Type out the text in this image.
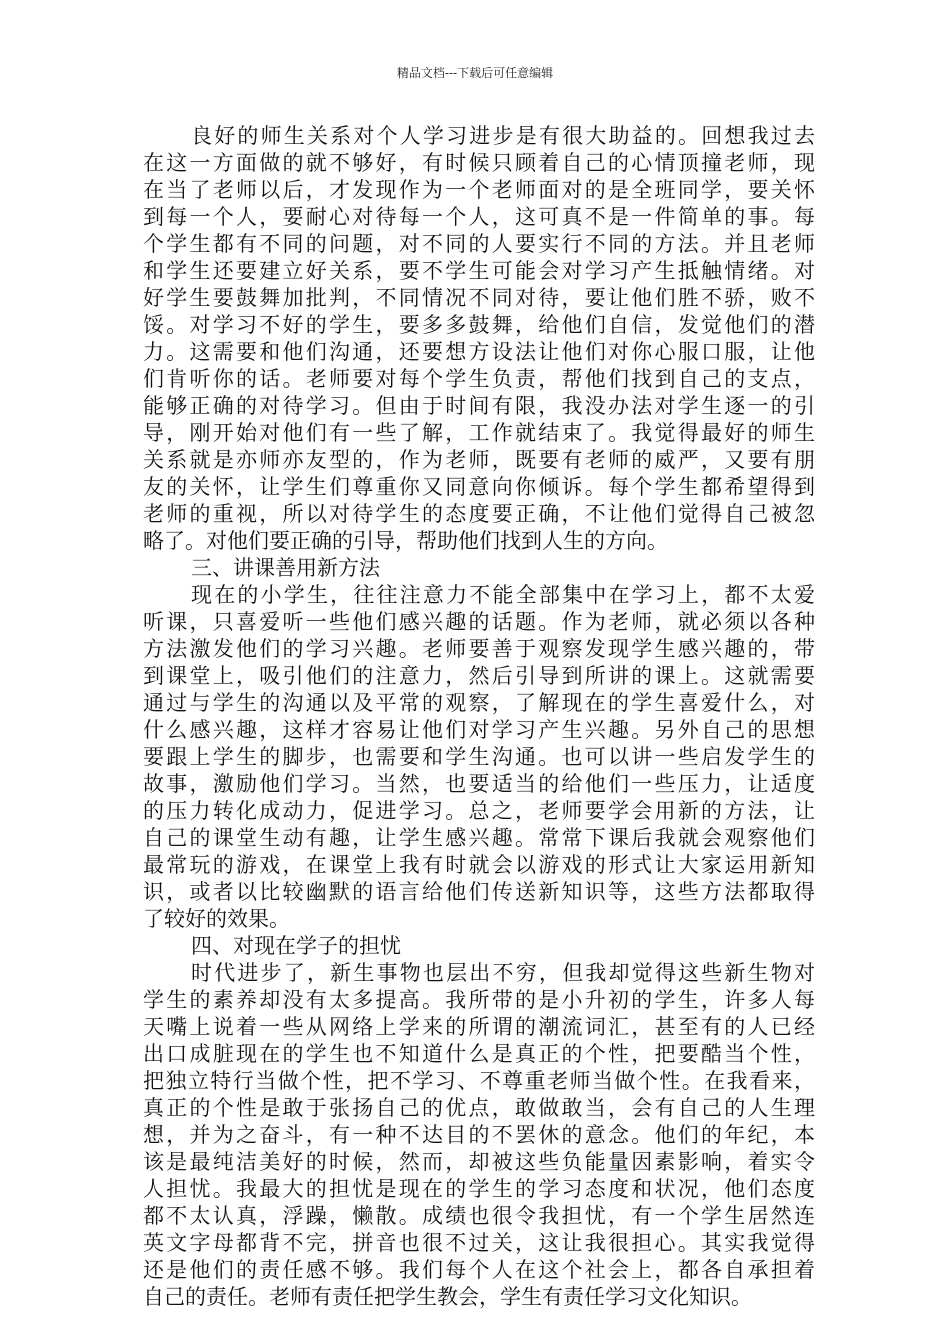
精品文档---下载后可任意编辑
良好的师生关系对个人学习进步是有很大助益的。回想我过去
在这一方面做的就不够好，有时候只顾着自己的心情顶撞老师，现
在当了老师以后，才发现作为一个老师面对的是全班同学，要关怀
到每一个人，要耐心对待每一个人，这可真不是一件简单的事。每
个学生都有不同的问题，对不同的人要实行不同的方法。并且老师
和学生还要建立好关系，要不学生可能会对学习产生抵触情绪。对
好学生要鼓舞加批判，不同情况不同对待，要让他们胜不骄，败不
馁。对学习不好的学生，要多多鼓舞，给他们自信，发觉他们的潜
力。这需要和他们沟通，还要想方设法让他们对你心服口服，让他
们肯听你的话。老师要对每个学生负责，帮他们找到自己的支点，
能够正确的对待学习。但由于时间有限，我没办法对学生逐一的引
导，刚开始对他们有一些了解，工作就结束了。我觉得最好的师生
关系就是亦师亦友型的，作为老师，既要有老师的威严，又要有朋
友的关怀，让学生们尊重你又同意向你倾诉。每个学生都希望得到
老师的重视，所以对待学生的态度要正确，不让他们觉得自己被忽
略了。对他们要正确的引导，帮助他们找到人生的方向。
三、讲课善用新方法
现在的小学生，往往注意力不能全部集中在学习上，都不太爱
听课，只喜爱听一些他们感兴趣的话题。作为老师，就必须以各种
方法激发他们的学习兴趣。老师要善于观察发现学生感兴趣的，带
到课堂上，吸引他们的注意力，然后引导到所讲的课上。这就需要
通过与学生的沟通以及平常的观察，了解现在的学生喜爱什么，对
什么感兴趣，这样才容易让他们对学习产生兴趣。另外自己的思想
要跟上学生的脚步，也需要和学生沟通。也可以讲一些启发学生的
故事，激励他们学习。当然，也要适当的给他们一些压力，让适度
的压力转化成动力，促进学习。总之，老师要学会用新的方法，让
自己的课堂生动有趣，让学生感兴趣。常常下课后我就会观察他们
最常玩的游戏，在课堂上我有时就会以游戏的形式让大家运用新知
识，或者以比较幽默的语言给他们传送新知识等，这些方法都取得
了较好的效果。
四、对现在学子的担忧
时代进步了，新生事物也层出不穷，但我却觉得这些新生物对
学生的素养却没有太多提高。我所带的是小升初的学生，许多人每
天嘴上说着一些从网络上学来的所谓的潮流词汇，甚至有的人已经
出口成脏现在的学生也不知道什么是真正的个性，把要酷当个性，
把独立特行当做个性，把不学习、不尊重老师当做个性。在我看来，
真正的个性是敢于张扬自己的优点，敢做敢当，会有自己的人生理
想，并为之奋斗，有一种不达目的不罢休的意念。他们的年纪，本
该是最纯洁美好的时候，然而，却被这些负能量因素影响，着实令
人担忧。我最大的担忧是现在的学生的学习态度和状况，他们态度
都不太认真，浮躁，懒散。成绩也很令我担忧，有一个学生居然连
英文字母都背不完，拼音也很不过关，这让我很担心。其实我觉得
还是他们的责任感不够。我们每个人在这个社会上，都各自承担着
自己的责任。老师有责任把学生教会，学生有责任学习文化知识。
